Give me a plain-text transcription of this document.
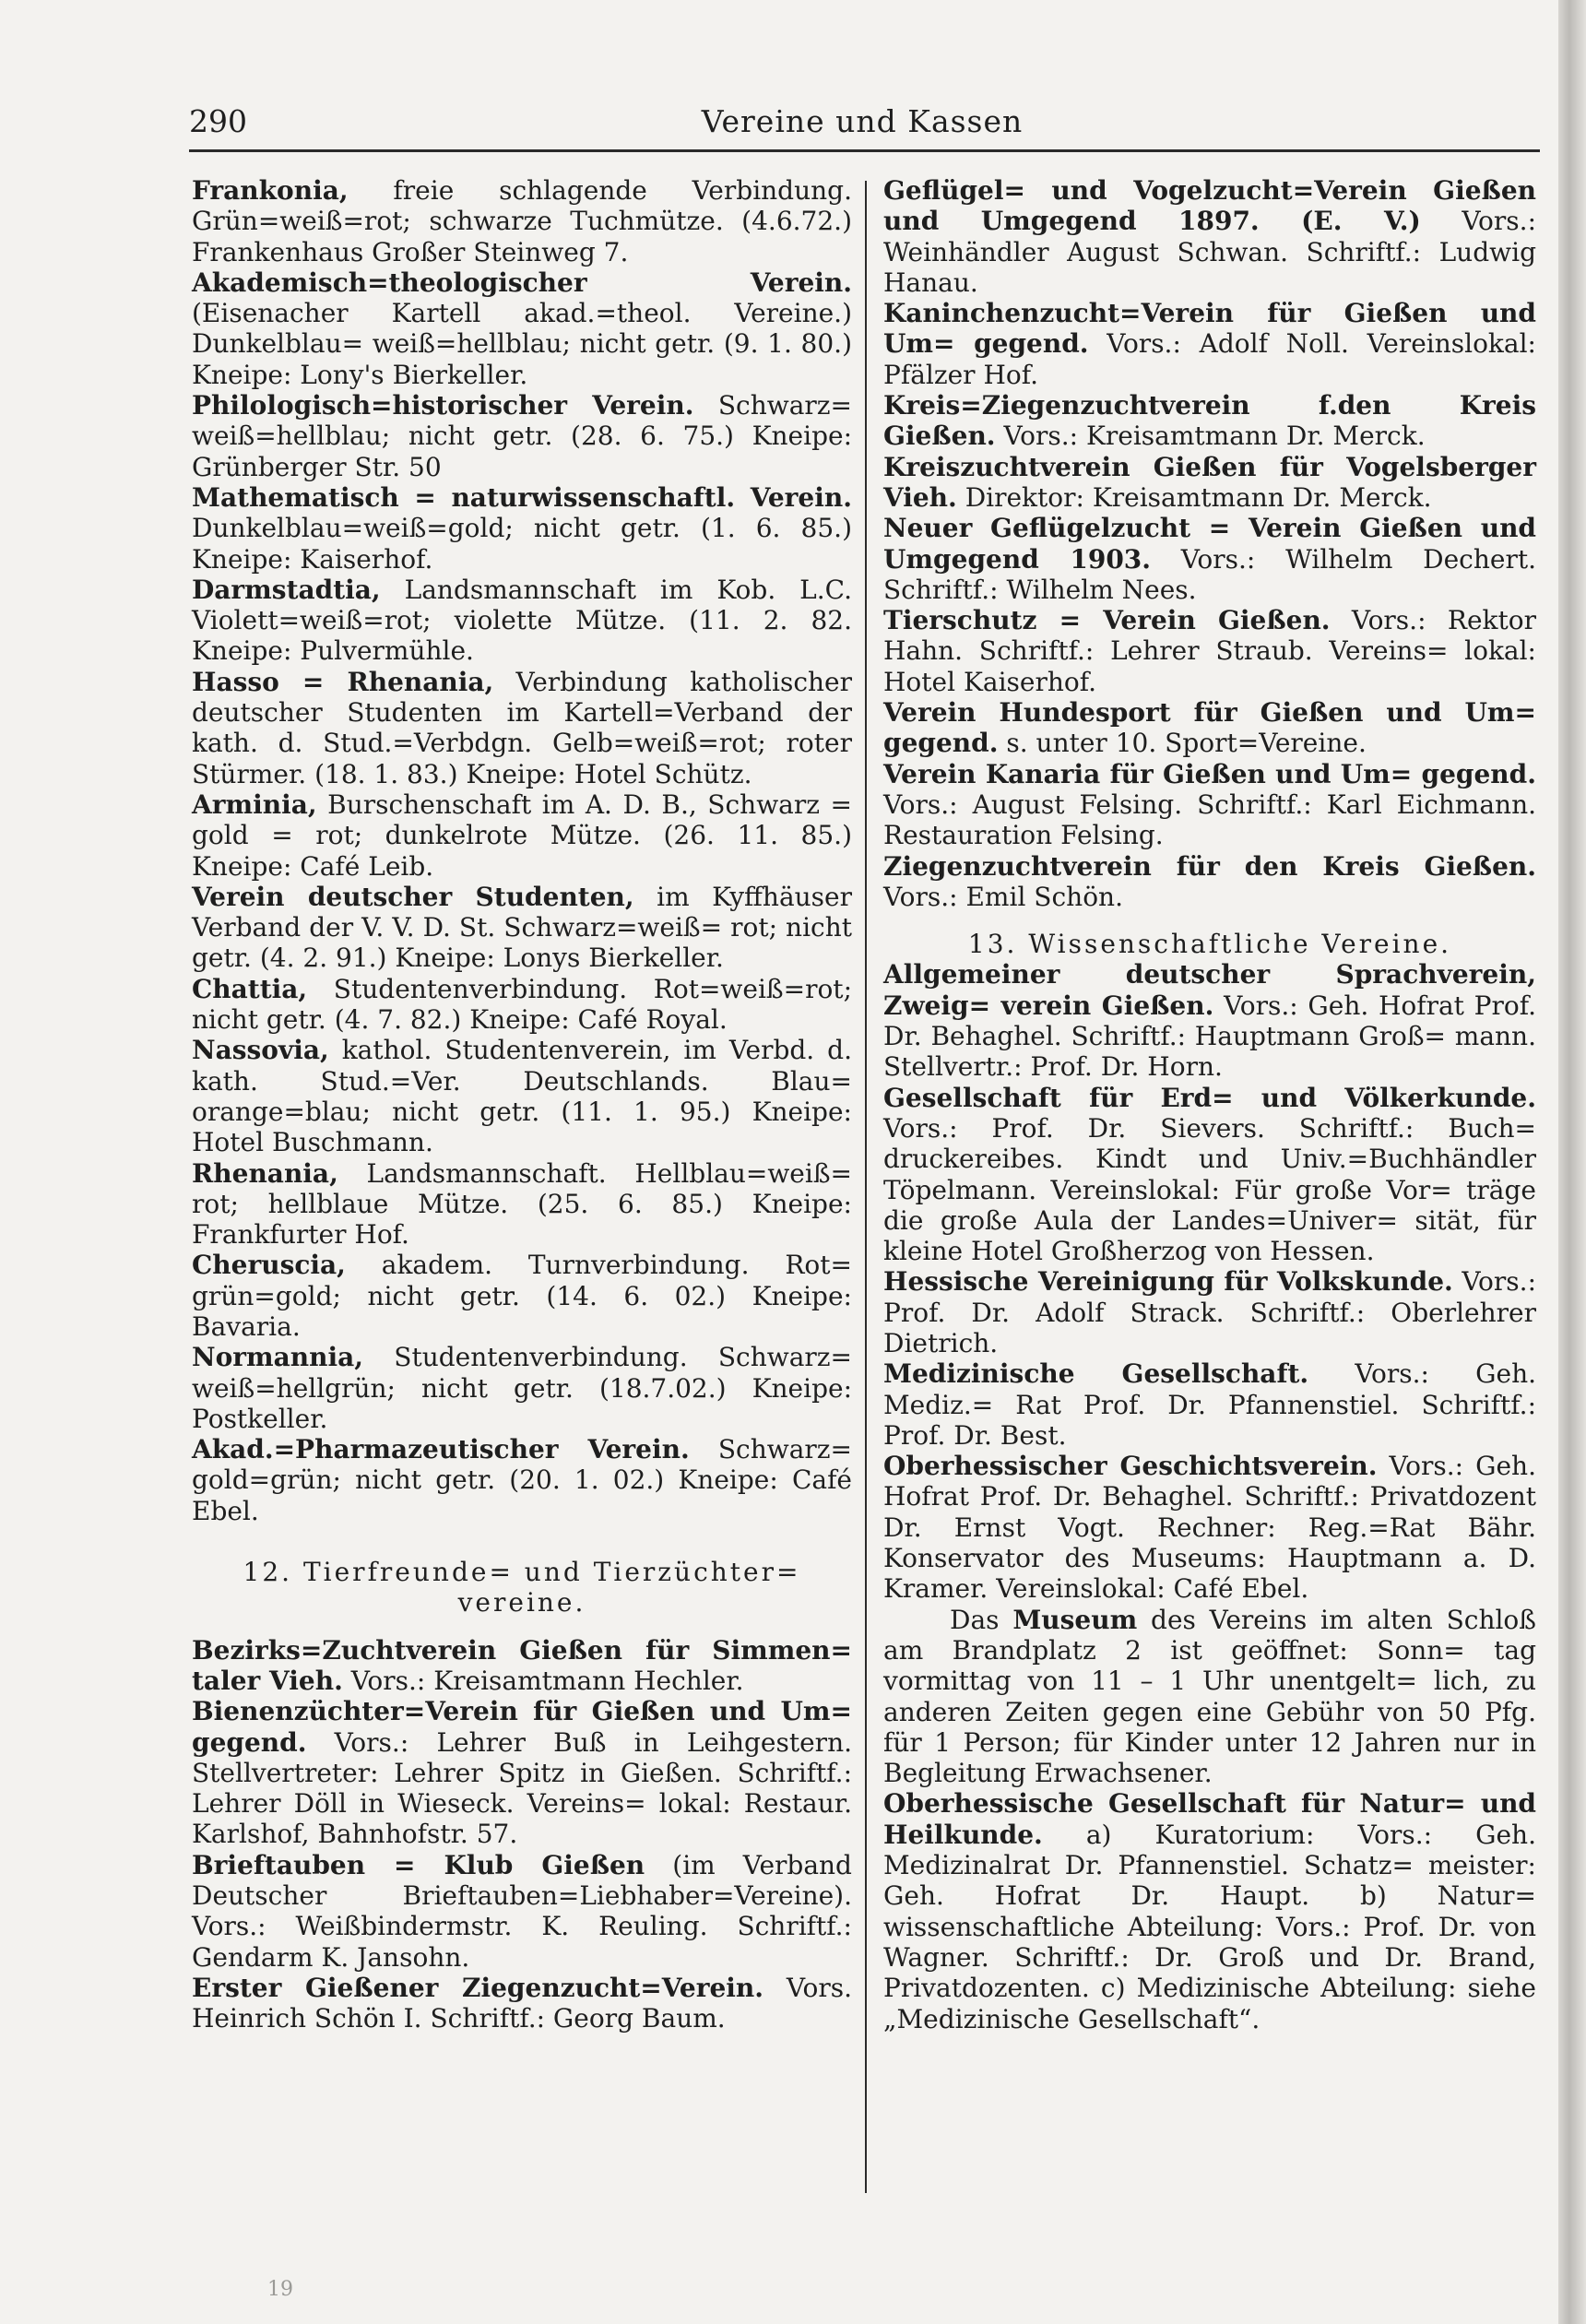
290	Vereine und Kassen

Frankonia, freie schlagende Verbindung. Grün=weiß=rot; schwarze Tuchmütze. (4.6.72.) Frankenhaus Großer Steinweg 7.

Akademisch=theologischer Verein. (Eisenacher Kartell akad.=theol. Vereine.) Dunkelblau= weiß=hellblau; nicht getr. (9. 1. 80.) Kneipe: Lony's Bierkeller.

Philologisch=historischer Verein. Schwarz= weiß=hellblau; nicht getr. (28. 6. 75.) Kneipe: Grünberger Str. 50

Mathematisch = naturwissenschaftl. Verein. Dunkelblau=weiß=gold; nicht getr. (1. 6. 85.) Kneipe: Kaiserhof.

Darmstadtia, Landsmannschaft im Kob. L.C. Violett=weiß=rot; violette Mütze. (11. 2. 82. Kneipe: Pulvermühle.

Hasso = Rhenania, Verbindung katholischer deutscher Studenten im Kartell=Verband der kath. d. Stud.=Verbdgn. Gelb=weiß=rot; roter Stürmer. (18. 1. 83.) Kneipe: Hotel Schütz.

Arminia, Burschenschaft im A. D. B., Schwarz = gold = rot; dunkelrote Mütze. (26. 11. 85.) Kneipe: Café Leib.

Verein deutscher Studenten, im Kyffhäuser Verband der V. V. D. St. Schwarz=weiß= rot; nicht getr. (4. 2. 91.) Kneipe: Lonys Bierkeller.

Chattia, Studentenverbindung. Rot=weiß=rot; nicht getr. (4. 7. 82.) Kneipe: Café Royal.

Nassovia, kathol. Studentenverein, im Verbd. d. kath. Stud.=Ver. Deutschlands. Blau= orange=blau; nicht getr. (11. 1. 95.) Kneipe: Hotel Buschmann.

Rhenania, Landsmannschaft. Hellblau=weiß= rot; hellblaue Mütze. (25. 6. 85.) Kneipe: Frankfurter Hof.

Cheruscia, akadem. Turnverbindung. Rot= grün=gold; nicht getr. (14. 6. 02.) Kneipe: Bavaria.

Normannia, Studentenverbindung. Schwarz= weiß=hellgrün; nicht getr. (18.7.02.) Kneipe: Postkeller.

Akad.=Pharmazeutischer Verein. Schwarz= gold=grün; nicht getr. (20. 1. 02.) Kneipe: Café Ebel.

12. Tierfreunde= und Tierzüchter= vereine.

Bezirks=Zuchtverein Gießen für Simmen= taler Vieh. Vors.: Kreisamtmann Hechler.

Bienenzüchter=Verein für Gießen und Um= gegend. Vors.: Lehrer Buß in Leihgestern. Stellvertreter: Lehrer Spitz in Gießen. Schriftf.: Lehrer Döll in Wieseck. Vereins= lokal: Restaur. Karlshof, Bahnhofstr. 57.

Brieftauben = Klub Gießen (im Verband Deutscher Brieftauben=Liebhaber=Vereine). Vors.: Weißbindermstr. K. Reuling. Schriftf.: Gendarm K. Jansohn.

Erster Gießener Ziegenzucht=Verein. Vors. Heinrich Schön I. Schriftf.: Georg Baum.

Geflügel= und Vogelzucht=Verein Gießen und Umgegend 1897. (E. V.) Vors.: Weinhändler August Schwan. Schriftf.: Ludwig Hanau.

Kaninchenzucht=Verein für Gießen und Um= gegend. Vors.: Adolf Noll. Vereinslokal: Pfälzer Hof.

Kreis=Ziegenzuchtverein f.den Kreis Gießen. Vors.: Kreisamtmann Dr. Merck.

Kreiszuchtverein Gießen für Vogelsberger Vieh. Direktor: Kreisamtmann Dr. Merck.

Neuer Geflügelzucht = Verein Gießen und Umgegend 1903. Vors.: Wilhelm Dechert. Schriftf.: Wilhelm Nees.

Tierschutz = Verein Gießen. Vors.: Rektor Hahn. Schriftf.: Lehrer Straub. Vereins= lokal: Hotel Kaiserhof.

Verein Hundesport für Gießen und Um= gegend. s. unter 10. Sport=Vereine.

Verein Kanaria für Gießen und Um= gegend. Vors.: August Felsing. Schriftf.: Karl Eichmann. Restauration Felsing.

Ziegenzuchtverein für den Kreis Gießen. Vors.: Emil Schön.

13. Wissenschaftliche Vereine.

Allgemeiner deutscher Sprachverein, Zweig= verein Gießen. Vors.: Geh. Hofrat Prof. Dr. Behaghel. Schriftf.: Hauptmann Groß= mann. Stellvertr.: Prof. Dr. Horn.

Gesellschaft für Erd= und Völkerkunde. Vors.: Prof. Dr. Sievers. Schriftf.: Buch= druckereibes. Kindt und Univ.=Buchhändler Töpelmann. Vereinslokal: Für große Vor= träge die große Aula der Landes=Univer= sität, für kleine Hotel Großherzog von Hessen.

Hessische Vereinigung für Volkskunde. Vors.: Prof. Dr. Adolf Strack. Schriftf.: Oberlehrer Dietrich.

Medizinische Gesellschaft. Vors.: Geh. Mediz.= Rat Prof. Dr. Pfannenstiel. Schriftf.: Prof. Dr. Best.

Oberhessischer Geschichtsverein. Vors.: Geh. Hofrat Prof. Dr. Behaghel. Schriftf.: Privatdozent Dr. Ernst Vogt. Rechner: Reg.=Rat Bähr. Konservator des Museums: Hauptmann a. D. Kramer. Vereinslokal: Café Ebel.

Das Museum des Vereins im alten Schloß am Brandplatz 2 ist geöffnet: Sonn= tag vormittag von 11 – 1 Uhr unentgelt= lich, zu anderen Zeiten gegen eine Gebühr von 50 Pfg. für 1 Person; für Kinder unter 12 Jahren nur in Begleitung Erwachsener.

Oberhessische Gesellschaft für Natur= und Heilkunde. a) Kuratorium: Vors.: Geh. Medizinalrat Dr. Pfannenstiel. Schatz= meister: Geh. Hofrat Dr. Haupt. b) Natur= wissenschaftliche Abteilung: Vors.: Prof. Dr. von Wagner. Schriftf.: Dr. Groß und Dr. Brand, Privatdozenten. c) Medizinische Abteilung: siehe „Medizinische Gesellschaft“.

19
